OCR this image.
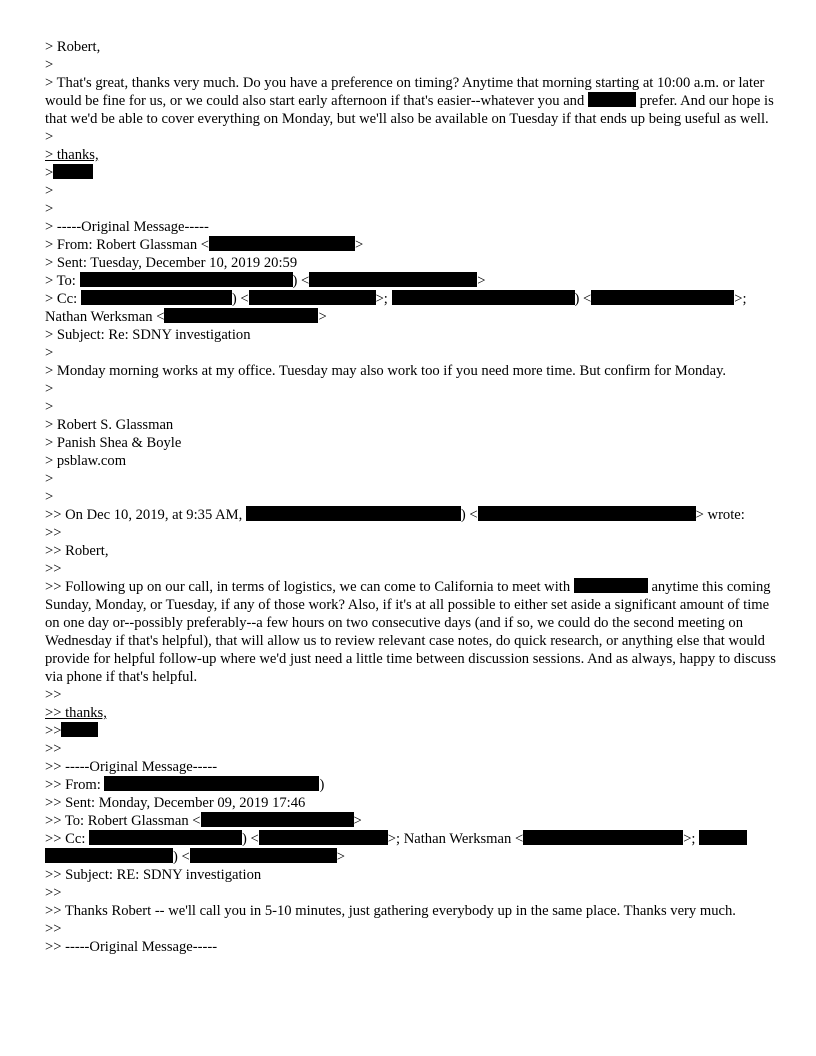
> Robert,
>
> That's great, thanks very much. Do you have a preference on timing? Anytime that morning starting at 10:00 a.m. or later would be fine for us, or we could also start early afternoon if that's easier--whatever you and	prefer. And our hope is that we'd be able to cover everything on Monday, but we'll also be available on Tuesday if that ends up being useful as well.
>
> thanks,
>
>
>
> -----Original Message-----
> From: Robert Glassman <	>
> Sent: Tuesday, December 10, 2019 20:59
> To:	) <	>
> Cc:	) <	>;	) <	>;
Nathan Werksman <	>
> Subject: Re: SDNY investigation
>
> Monday morning works at my office. Tuesday may also work too if you need more time. But confirm for Monday.
>
>
> Robert S. Glassman
> Panish Shea & Boyle
> psblaw.com
>
>
>> On Dec 10, 2019, at 9:35 AM,	) <	> wrote:
>>
>> Robert,
>>
>> Following up on our call, in terms of logistics, we can come to California to meet with	anytime this coming Sunday, Monday, or Tuesday, if any of those work? Also, if it's at all possible to either set aside a significant amount of time on one day or--possibly preferably--a few hours on two consecutive days (and if so, we could do the second meeting on Wednesday if that's helpful), that will allow us to review relevant case notes, do quick research, or anything else that would provide for helpful follow-up where we'd just need a little time between discussion sessions. And as always, happy to discuss via phone if that's helpful.
>>
>> thanks,
>>
>>
>> -----Original Message-----
>> From:	)
>> Sent: Monday, December 09, 2019 17:46
>> To: Robert Glassman <	>
>> Cc:	) <	>; Nathan Werksman <	>;
) <	>
>> Subject: RE: SDNY investigation
>>
>> Thanks Robert -- we'll call you in 5-10 minutes, just gathering everybody up in the same place. Thanks very much.
>>
>> -----Original Message-----
